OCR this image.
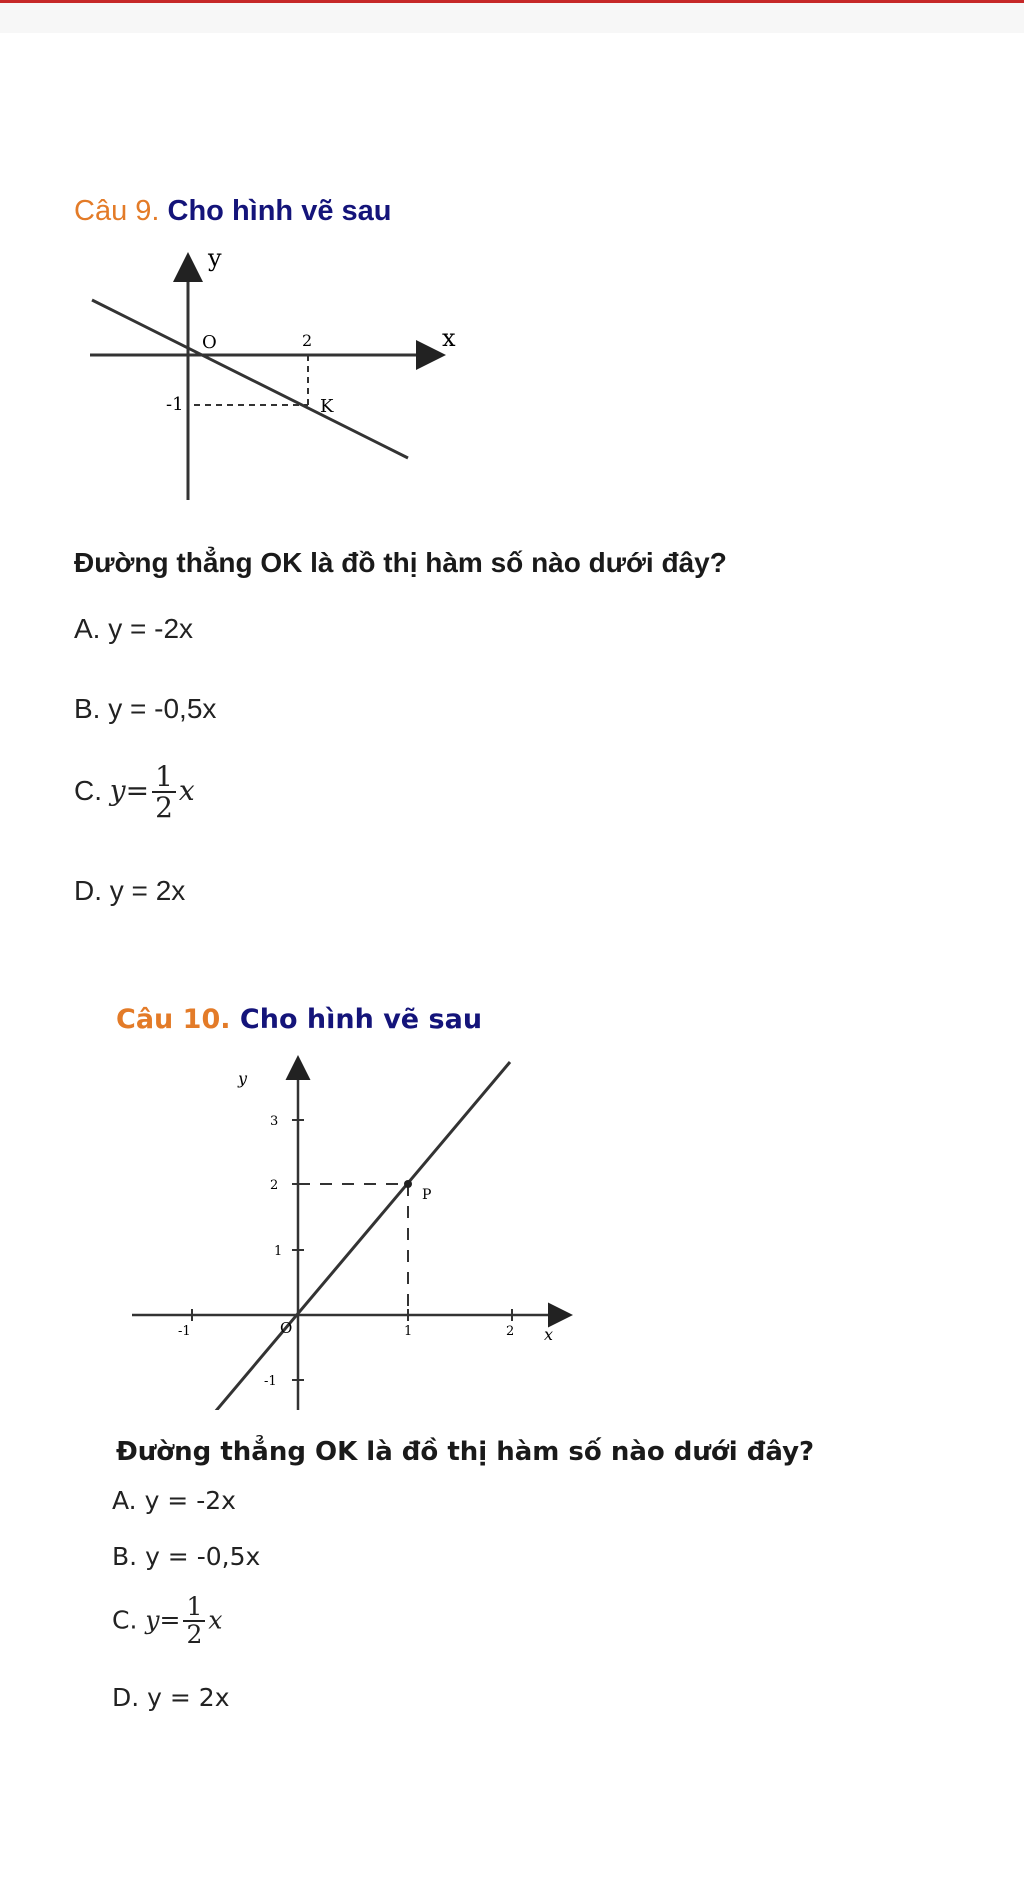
Câu 9. Cho hình vẽ sau
y
x
O	2
-1	K
Đường thẳng OK là đồ thị hàm số nào dưới đây?
A. y = -2x
B. y = -0,5x
C. $y= \frac{1}{2}$ x
D. y = 2x
Câu 10. Cho hình vẽ sau
y
x
O
3
2
1
-1
-1	1	2
P
Đường thẳng OK là đồ thị hàm số nào dưới đây?
A. y = -2x
B. y = -0,5x
C. $y= \frac{1}{2}$ x
D. y = 2x
